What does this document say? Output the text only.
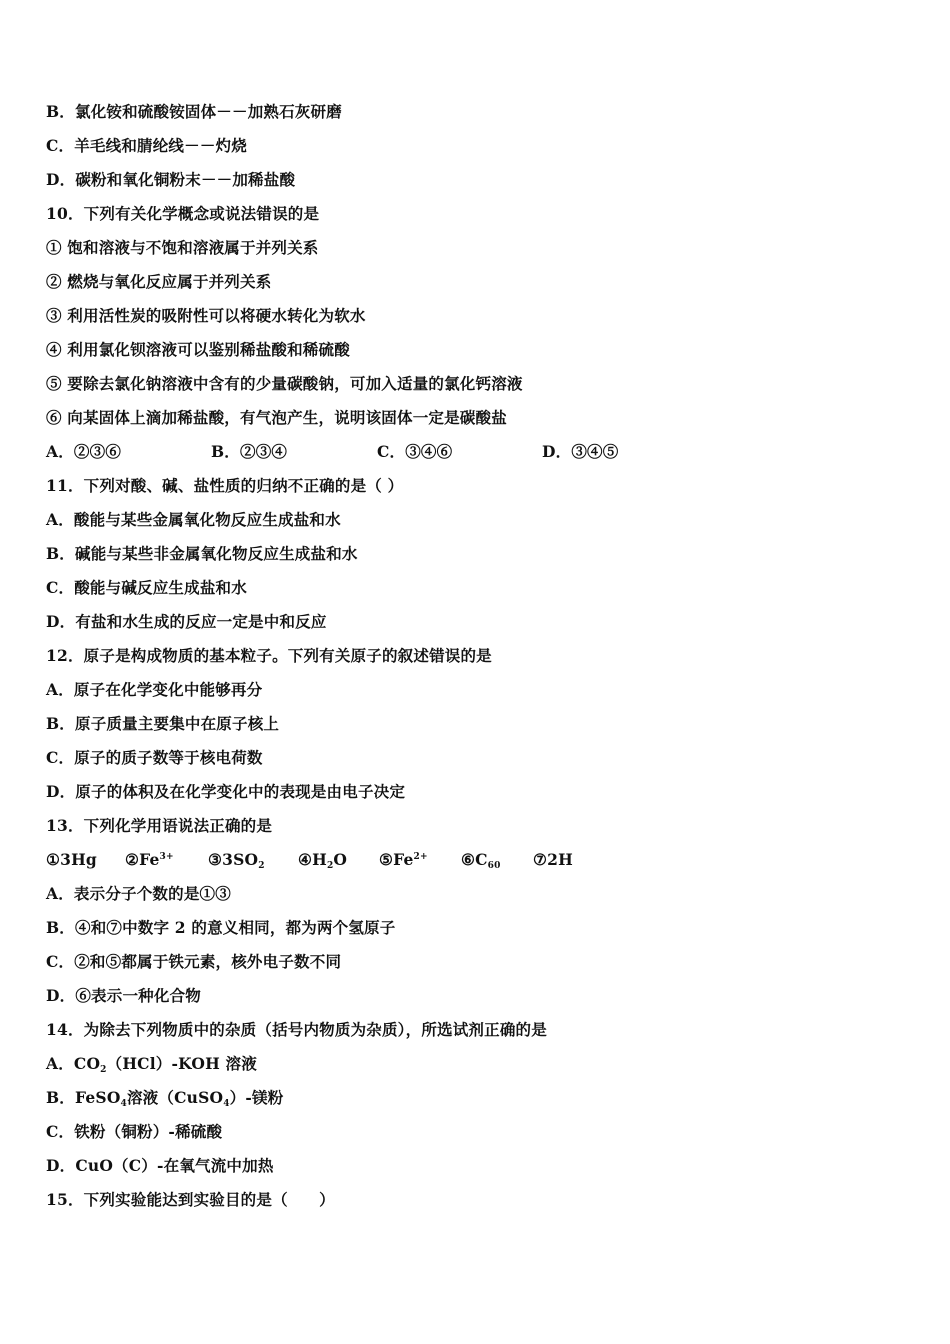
B．氯化铵和硫酸铵固体－－加熟石灰研磨
C．羊毛线和腈纶线－－灼烧
D．碳粉和氧化铜粉末－－加稀盐酸
10．下列有关化学概念或说法错误的是
① 饱和溶液与不饱和溶液属于并列关系
② 燃烧与氧化反应属于并列关系
③ 利用活性炭的吸附性可以将硬水转化为软水
④ 利用氯化钡溶液可以鉴别稀盐酸和稀硫酸
⑤ 要除去氯化钠溶液中含有的少量碳酸钠，可加入适量的氯化钙溶液
⑥ 向某固体上滴加稀盐酸，有气泡产生，说明该固体一定是碳酸盐
A．②③⑥	B．②③④	C．③④⑥	D．③④⑤
11．下列对酸、碱、盐性质的归纳不正确的是（ ）
A．酸能与某些金属氧化物反应生成盐和水
B．碱能与某些非金属氧化物反应生成盐和水
C．酸能与碱反应生成盐和水
D．有盐和水生成的反应一定是中和反应
12．原子是构成物质的基本粒子。下列有关原子的叙述错误的是
A．原子在化学变化中能够再分
B．原子质量主要集中在原子核上
C．原子的质子数等于核电荷数
D．原子的体积及在化学变化中的表现是由电子决定
13．下列化学用语说法正确的是
①3Hg $②Fe^{3+}$ $③3SO_2$ $④H_2O$ $⑤Fe^{2+}$ $⑥C_{60}$ ⑦2H
A．表示分子个数的是①③
B．④和⑦中数字 2 的意义相同，都为两个氢原子
C．②和⑤都属于铁元素，核外电子数不同
D．⑥表示一种化合物
14．为除去下列物质中的杂质（括号内物质为杂质），所选试剂正确的是
A．$CO_2(HCl)$-KOH 溶液
B．FeSO$_4$溶液（CuSO$_4$）-镁粉
C．铁粉（铜粉）-稀硫酸
D．CuO（C）-在氧气流中加热
15．下列实验能达到实验目的是（　　）
